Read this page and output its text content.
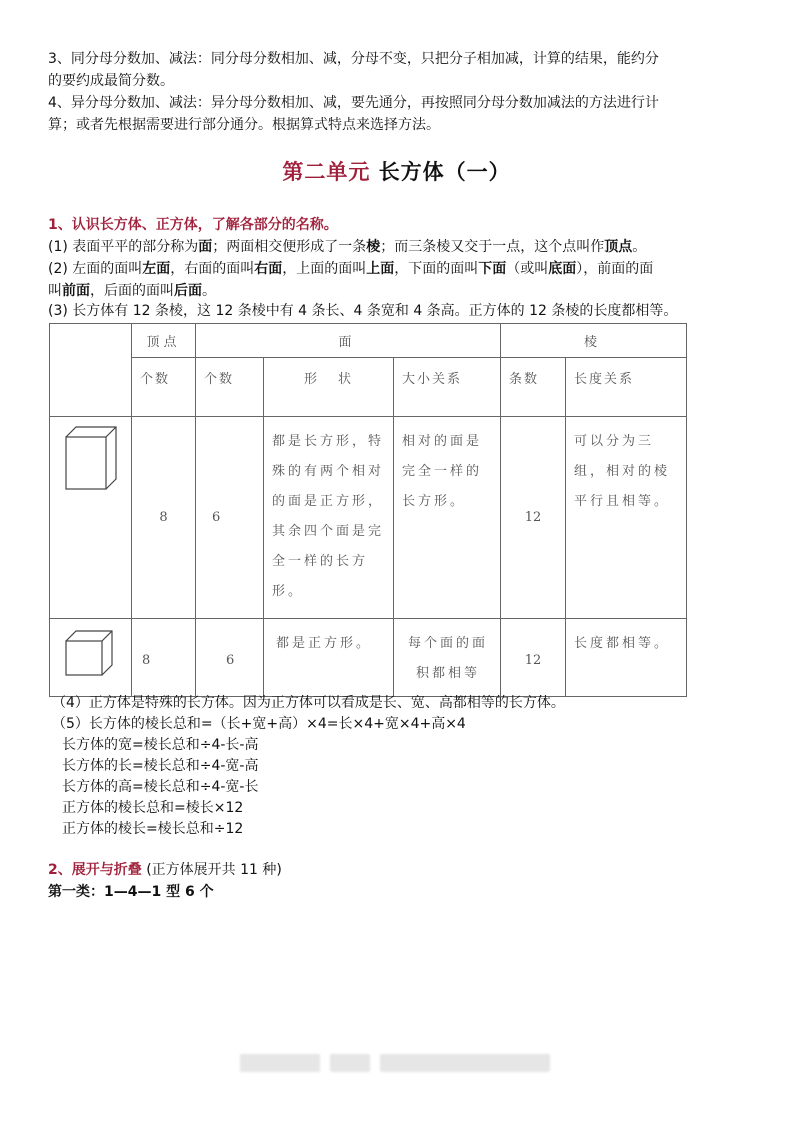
3、同分母分数加、减法：同分母分数相加、减，分母不变，只把分子相加减，计算的结果，能约分

的要约成最简分数。

4、异分母分数加、减法：异分母分数相加、减，要先通分，再按照同分母分数加减法的方法进行计

算；或者先根据需要进行部分通分。根据算式特点来选择方法。

第二单元 长方体（一）
1、认识长方体、正方体，了解各部分的名称。

(1) 表面平平的部分称为面；两面相交便形成了一条棱；而三条棱又交于一点，这个点叫作顶点。

(2) 左面的面叫左面，右面的面叫右面，上面的面叫上面，下面的面叫下面（或叫底面），前面的面

叫前面，后面的面叫后面。

(3) 长方体有 12 条棱，这 12 条棱中有 4 条长、4 条宽和 4 条高。正方体的 12 条棱的长度都相等。

	顶点	面			棱	
	个数	个数	形　状	大小关系	条数	长度关系
	8	6	都是长方形，特殊的有两个相对的面是正方形，其余四个面是完全一样的长方形。	相对的面是完全一样的长方形。	12	可以分为三组，相对的棱平行且相等。
	8	6	都是正方形。	每个面的面积都相等	12	长度都相等。

（4）正方体是特殊的长方体。因为正方体可以看成是长、宽、高都相等的长方体。

（5）长方体的棱长总和=（长+宽+高）×4=长×4+宽×4+高×4

长方体的宽=棱长总和÷4-长-高
长方体的长=棱长总和÷4-宽-高
长方体的高=棱长总和÷4-宽-长
正方体的棱长总和=棱长×12
正方体的棱长=棱长总和÷12
2、展开与折叠 (正方体展开共 11 种)
第一类：1—4—1 型 6 个
